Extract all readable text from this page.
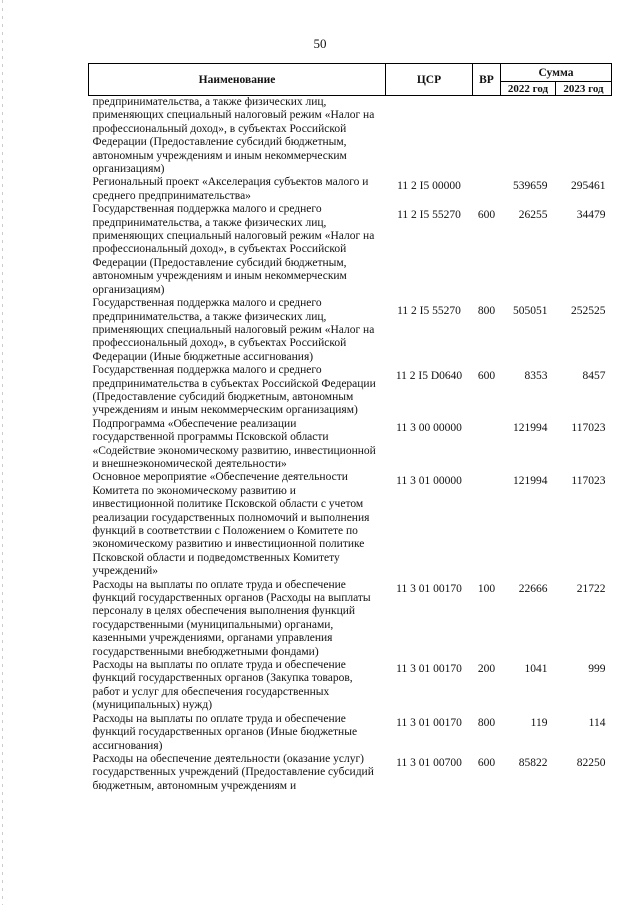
50
Наименование	ЦСР	ВР	Сумма	
			2022 год	2023 год
предпринимательства, а также физических лиц, применяющих специальный налоговый режим «Налог на профессиональный доход», в субъектах Российской Федерации (Предоставление субсидий бюджетным, автономным учреждениям и иным некоммерческим организациям)				
Региональный проект «Акселерация субъектов малого и среднего предпринимательства»	11 2 I5 00000		539659	295461
Государственная поддержка малого и среднего предпринимательства, а также физических лиц, применяющих специальный налоговый режим «Налог на профессиональный доход», в субъектах Российской Федерации (Предоставление субсидий бюджетным, автономным учреждениям и иным некоммерческим организациям)	11 2 I5 55270	600	26255	34479
Государственная поддержка малого и среднего предпринимательства, а также физических лиц, применяющих специальный налоговый режим «Налог на профессиональный доход», в субъектах Российской Федерации (Иные бюджетные ассигнования)	11 2 I5 55270	800	505051	252525
Государственная поддержка малого и среднего предпринимательства в субъектах Российской Федерации (Предоставление субсидий бюджетным, автономным учреждениям и иным некоммерческим организациям)	11 2 I5 D0640	600	8353	8457
Подпрограмма «Обеспечение реализации государственной программы Псковской области «Содействие экономическому развитию, инвестиционной и внешнеэкономической деятельности»	11 3 00 00000		121994	117023
Основное мероприятие «Обеспечение деятельности Комитета по экономическому развитию и инвестиционной политике Псковской области с учетом реализации государственных полномочий и выполнения функций в соответствии с Положением о Комитете по экономическому развитию и инвестиционной политике Псковской области и подведомственных Комитету учреждений»	11 3 01 00000		121994	117023
Расходы на выплаты по оплате труда и обеспечение функций государственных органов (Расходы на выплаты персоналу в целях обеспечения выполнения функций государственными (муниципальными) органами, казенными учреждениями, органами управления государственными внебюджетными фондами)	11 3 01 00170	100	22666	21722
Расходы на выплаты по оплате труда и обеспечение функций государственных органов (Закупка товаров, работ и услуг для обеспечения государственных (муниципальных) нужд)	11 3 01 00170	200	1041	999
Расходы на выплаты по оплате труда и обеспечение функций государственных органов (Иные бюджетные ассигнования)	11 3 01 00170	800	119	114
Расходы на обеспечение деятельности (оказание услуг) государственных учреждений (Предоставление субсидий бюджетным, автономным учреждениям и	11 3 01 00700	600	85822	82250
